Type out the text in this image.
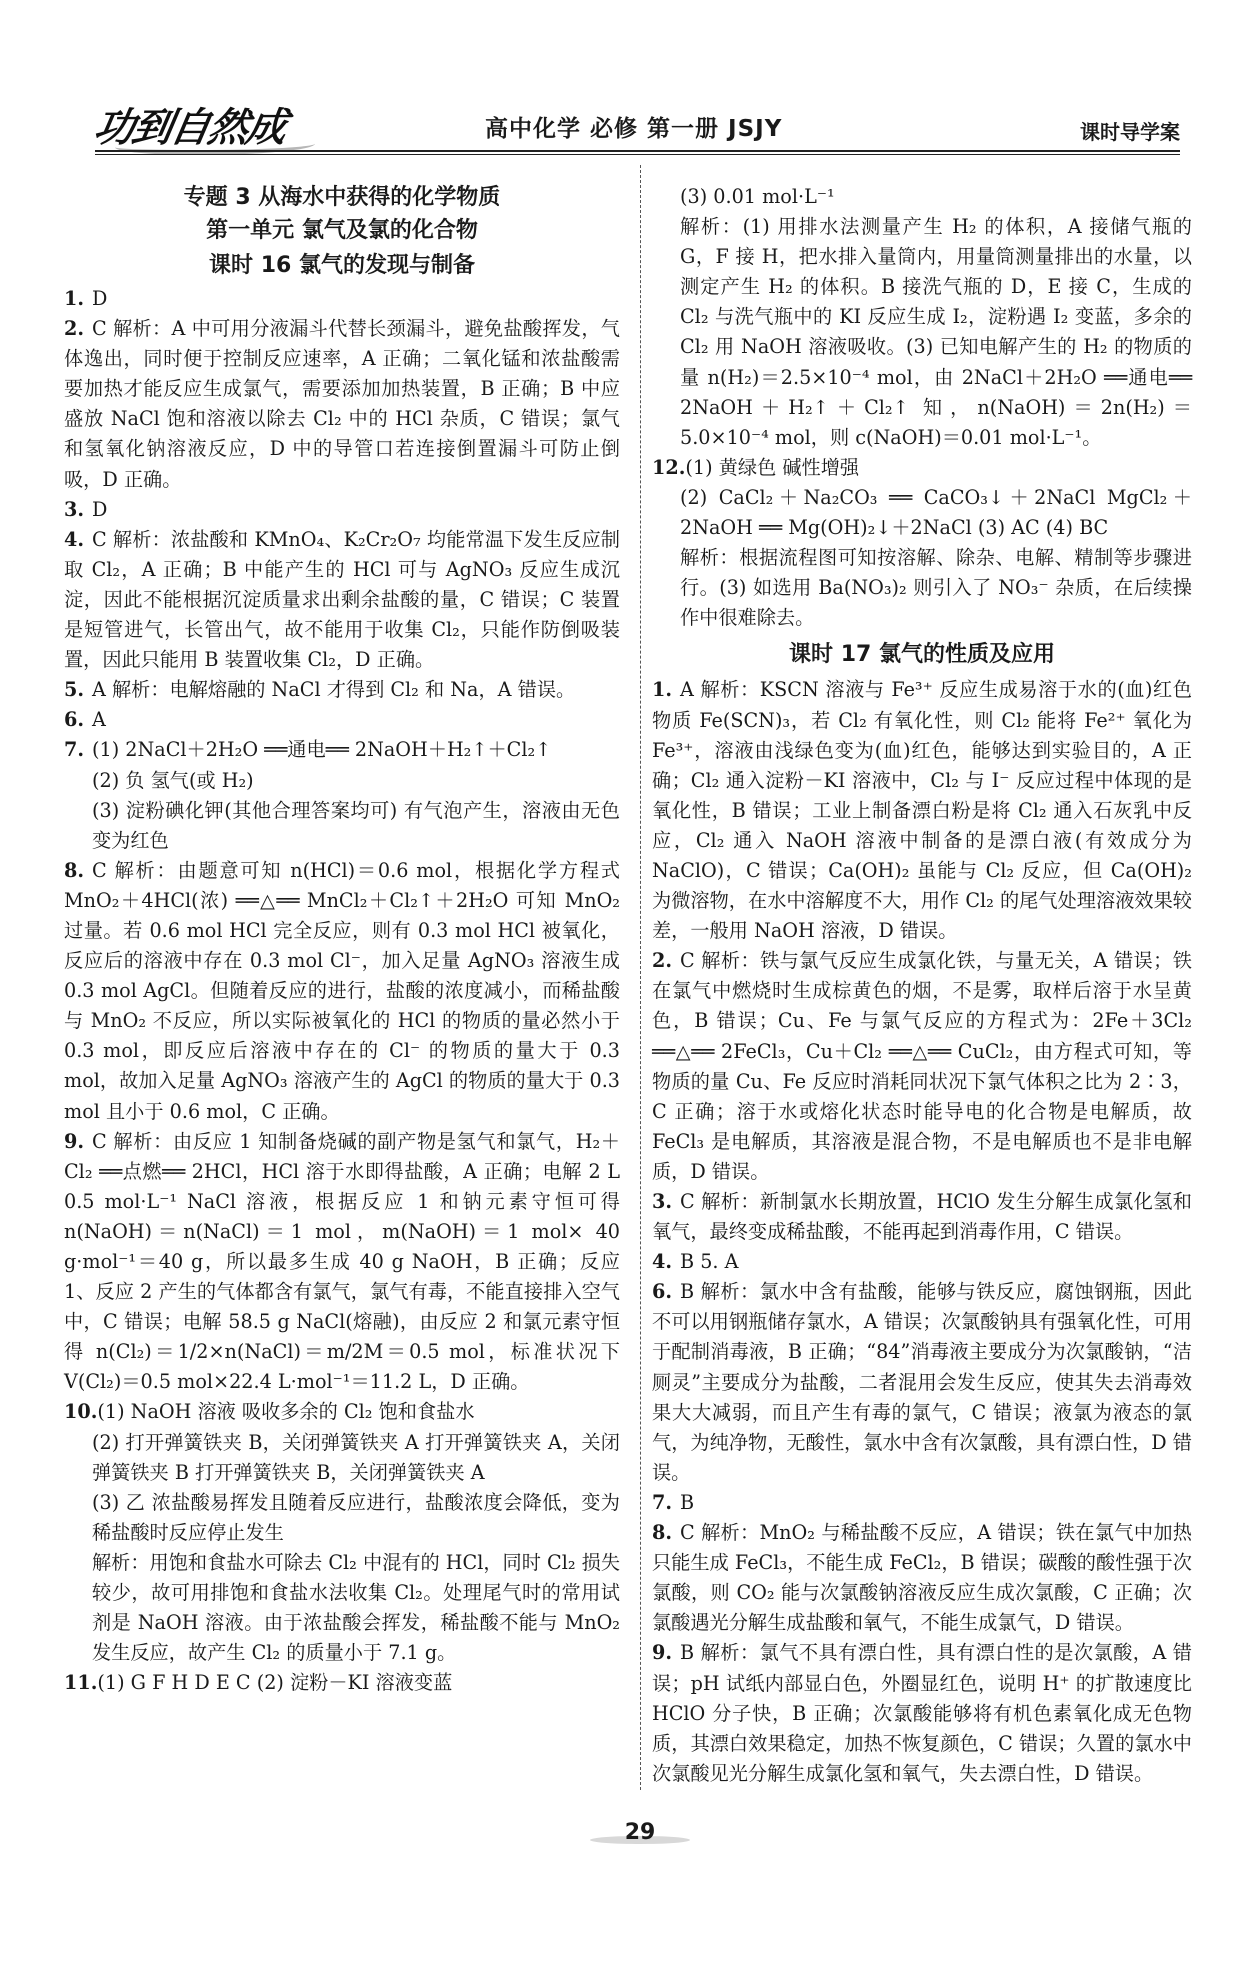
功到自然成	高中化学 必修 第一册 JSJY	课时导学案
专题 3 从海水中获得的化学物质
第一单元 氯气及氯的化合物
课时 16 氯气的发现与制备

1. D

2. C 解析：A 中可用分液漏斗代替长颈漏斗，避免盐酸挥发，气体逸出，同时便于控制反应速率，A 正确；二氧化锰和浓盐酸需要加热才能反应生成氯气，需要添加加热装置，B 正确；B 中应盛放 NaCl 饱和溶液以除去 Cl₂ 中的 HCl 杂质，C 错误；氯气和氢氧化钠溶液反应，D 中的导管口若连接倒置漏斗可防止倒吸，D 正确。

3. D

4. C 解析：浓盐酸和 KMnO₄、K₂Cr₂O₇ 均能常温下发生反应制取 Cl₂，A 正确；B 中能产生的 HCl 可与 AgNO₃ 反应生成沉淀，因此不能根据沉淀质量求出剩余盐酸的量，C 错误；C 装置是短管进气，长管出气，故不能用于收集 Cl₂，只能作防倒吸装置，因此只能用 B 装置收集 Cl₂，D 正确。

5. A 解析：电解熔融的 NaCl 才得到 Cl₂ 和 Na，A 错误。

6. A

7. (1) 2NaCl＋2H₂O ══通电══ 2NaOH＋H₂↑＋Cl₂↑

(2) 负 氢气(或 H₂)

(3) 淀粉碘化钾(其他合理答案均可) 有气泡产生，溶液由无色变为红色

8. C 解析：由题意可知 n(HCl)＝0.6 mol，根据化学方程式 MnO₂＋4HCl(浓) ══△══ MnCl₂＋Cl₂↑＋2H₂O 可知 MnO₂ 过量。若 0.6 mol HCl 完全反应，则有 0.3 mol HCl 被氧化，反应后的溶液中存在 0.3 mol Cl⁻，加入足量 AgNO₃ 溶液生成 0.3 mol AgCl。但随着反应的进行，盐酸的浓度减小，而稀盐酸与 MnO₂ 不反应，所以实际被氧化的 HCl 的物质的量必然小于 0.3 mol，即反应后溶液中存在的 Cl⁻ 的物质的量大于 0.3 mol，故加入足量 AgNO₃ 溶液产生的 AgCl 的物质的量大于 0.3 mol 且小于 0.6 mol，C 正确。

9. C 解析：由反应 1 知制备烧碱的副产物是氢气和氯气，H₂＋Cl₂ ══点燃══ 2HCl，HCl 溶于水即得盐酸，A 正确；电解 2 L 0.5 mol·L⁻¹ NaCl 溶液，根据反应 1 和钠元素守恒可得 n(NaOH)＝n(NaCl)＝1 mol，m(NaOH)＝1 mol× 40 g·mol⁻¹＝40 g，所以最多生成 40 g NaOH，B 正确；反应 1、反应 2 产生的气体都含有氯气，氯气有毒，不能直接排入空气中，C 错误；电解 58.5 g NaCl(熔融)，由反应 2 和氯元素守恒得 n(Cl₂)＝1/2×n(NaCl)＝m/2M＝0.5 mol，标准状况下 V(Cl₂)＝0.5 mol×22.4 L·mol⁻¹＝11.2 L，D 正确。

10.(1) NaOH 溶液 吸收多余的 Cl₂ 饱和食盐水

(2) 打开弹簧铁夹 B，关闭弹簧铁夹 A 打开弹簧铁夹 A，关闭弹簧铁夹 B 打开弹簧铁夹 B，关闭弹簧铁夹 A

(3) 乙 浓盐酸易挥发且随着反应进行，盐酸浓度会降低，变为稀盐酸时反应停止发生

解析：用饱和食盐水可除去 Cl₂ 中混有的 HCl，同时 Cl₂ 损失较少，故可用排饱和食盐水法收集 Cl₂。处理尾气时的常用试剂是 NaOH 溶液。由于浓盐酸会挥发，稀盐酸不能与 MnO₂ 发生反应，故产生 Cl₂ 的质量小于 7.1 g。

11.(1) G F H D E C (2) 淀粉－KI 溶液变蓝

(3) 0.01 mol·L⁻¹

解析：(1) 用排水法测量产生 H₂ 的体积，A 接储气瓶的 G，F 接 H，把水排入量筒内，用量筒测量排出的水量，以测定产生 H₂ 的体积。B 接洗气瓶的 D，E 接 C，生成的 Cl₂ 与洗气瓶中的 KI 反应生成 I₂，淀粉遇 I₂ 变蓝，多余的 Cl₂ 用 NaOH 溶液吸收。(3) 已知电解产生的 H₂ 的物质的量 n(H₂)＝2.5×10⁻⁴ mol，由 2NaCl＋2H₂O ══通电══ 2NaOH＋H₂↑＋Cl₂↑ 知，n(NaOH)＝2n(H₂)＝5.0×10⁻⁴ mol，则 c(NaOH)＝0.01 mol·L⁻¹。

12.(1) 黄绿色 碱性增强

(2) CaCl₂＋Na₂CO₃ ══ CaCO₃↓＋2NaCl MgCl₂＋2NaOH ══ Mg(OH)₂↓＋2NaCl (3) AC (4) BC

解析：根据流程图可知按溶解、除杂、电解、精制等步骤进行。(3) 如选用 Ba(NO₃)₂ 则引入了 NO₃⁻ 杂质，在后续操作中很难除去。

课时 17 氯气的性质及应用

1. A 解析：KSCN 溶液与 Fe³⁺ 反应生成易溶于水的(血)红色物质 Fe(SCN)₃，若 Cl₂ 有氧化性，则 Cl₂ 能将 Fe²⁺ 氧化为 Fe³⁺，溶液由浅绿色变为(血)红色，能够达到实验目的，A 正确；Cl₂ 通入淀粉－KI 溶液中，Cl₂ 与 I⁻ 反应过程中体现的是氧化性，B 错误；工业上制备漂白粉是将 Cl₂ 通入石灰乳中反应，Cl₂ 通入 NaOH 溶液中制备的是漂白液(有效成分为 NaClO)，C 错误；Ca(OH)₂ 虽能与 Cl₂ 反应，但 Ca(OH)₂ 为微溶物，在水中溶解度不大，用作 Cl₂ 的尾气处理溶液效果较差，一般用 NaOH 溶液，D 错误。

2. C 解析：铁与氯气反应生成氯化铁，与量无关，A 错误；铁在氯气中燃烧时生成棕黄色的烟，不是雾，取样后溶于水呈黄色，B 错误；Cu、Fe 与氯气反应的方程式为：2Fe＋3Cl₂ ══△══ 2FeCl₃，Cu＋Cl₂ ══△══ CuCl₂，由方程式可知，等物质的量 Cu、Fe 反应时消耗同状况下氯气体积之比为 2∶3，C 正确；溶于水或熔化状态时能导电的化合物是电解质，故 FeCl₃ 是电解质，其溶液是混合物，不是电解质也不是非电解质，D 错误。

3. C 解析：新制氯水长期放置，HClO 发生分解生成氯化氢和氧气，最终变成稀盐酸，不能再起到消毒作用，C 错误。

4. B 5. A

6. B 解析：氯水中含有盐酸，能够与铁反应，腐蚀钢瓶，因此不可以用钢瓶储存氯水，A 错误；次氯酸钠具有强氧化性，可用于配制消毒液，B 正确；“84”消毒液主要成分为次氯酸钠，“洁厕灵”主要成分为盐酸，二者混用会发生反应，使其失去消毒效果大大减弱，而且产生有毒的氯气，C 错误；液氯为液态的氯气，为纯净物，无酸性，氯水中含有次氯酸，具有漂白性，D 错误。

7. B

8. C 解析：MnO₂ 与稀盐酸不反应，A 错误；铁在氯气中加热只能生成 FeCl₃，不能生成 FeCl₂，B 错误；碳酸的酸性强于次氯酸，则 CO₂ 能与次氯酸钠溶液反应生成次氯酸，C 正确；次氯酸遇光分解生成盐酸和氧气，不能生成氯气，D 错误。

9. B 解析：氯气不具有漂白性，具有漂白性的是次氯酸，A 错误；pH 试纸内部显白色，外圈显红色，说明 H⁺ 的扩散速度比 HClO 分子快，B 正确；次氯酸能够将有机色素氧化成无色物质，其漂白效果稳定，加热不恢复颜色，C 错误；久置的氯水中次氯酸见光分解生成氯化氢和氧气，失去漂白性，D 错误。

29
